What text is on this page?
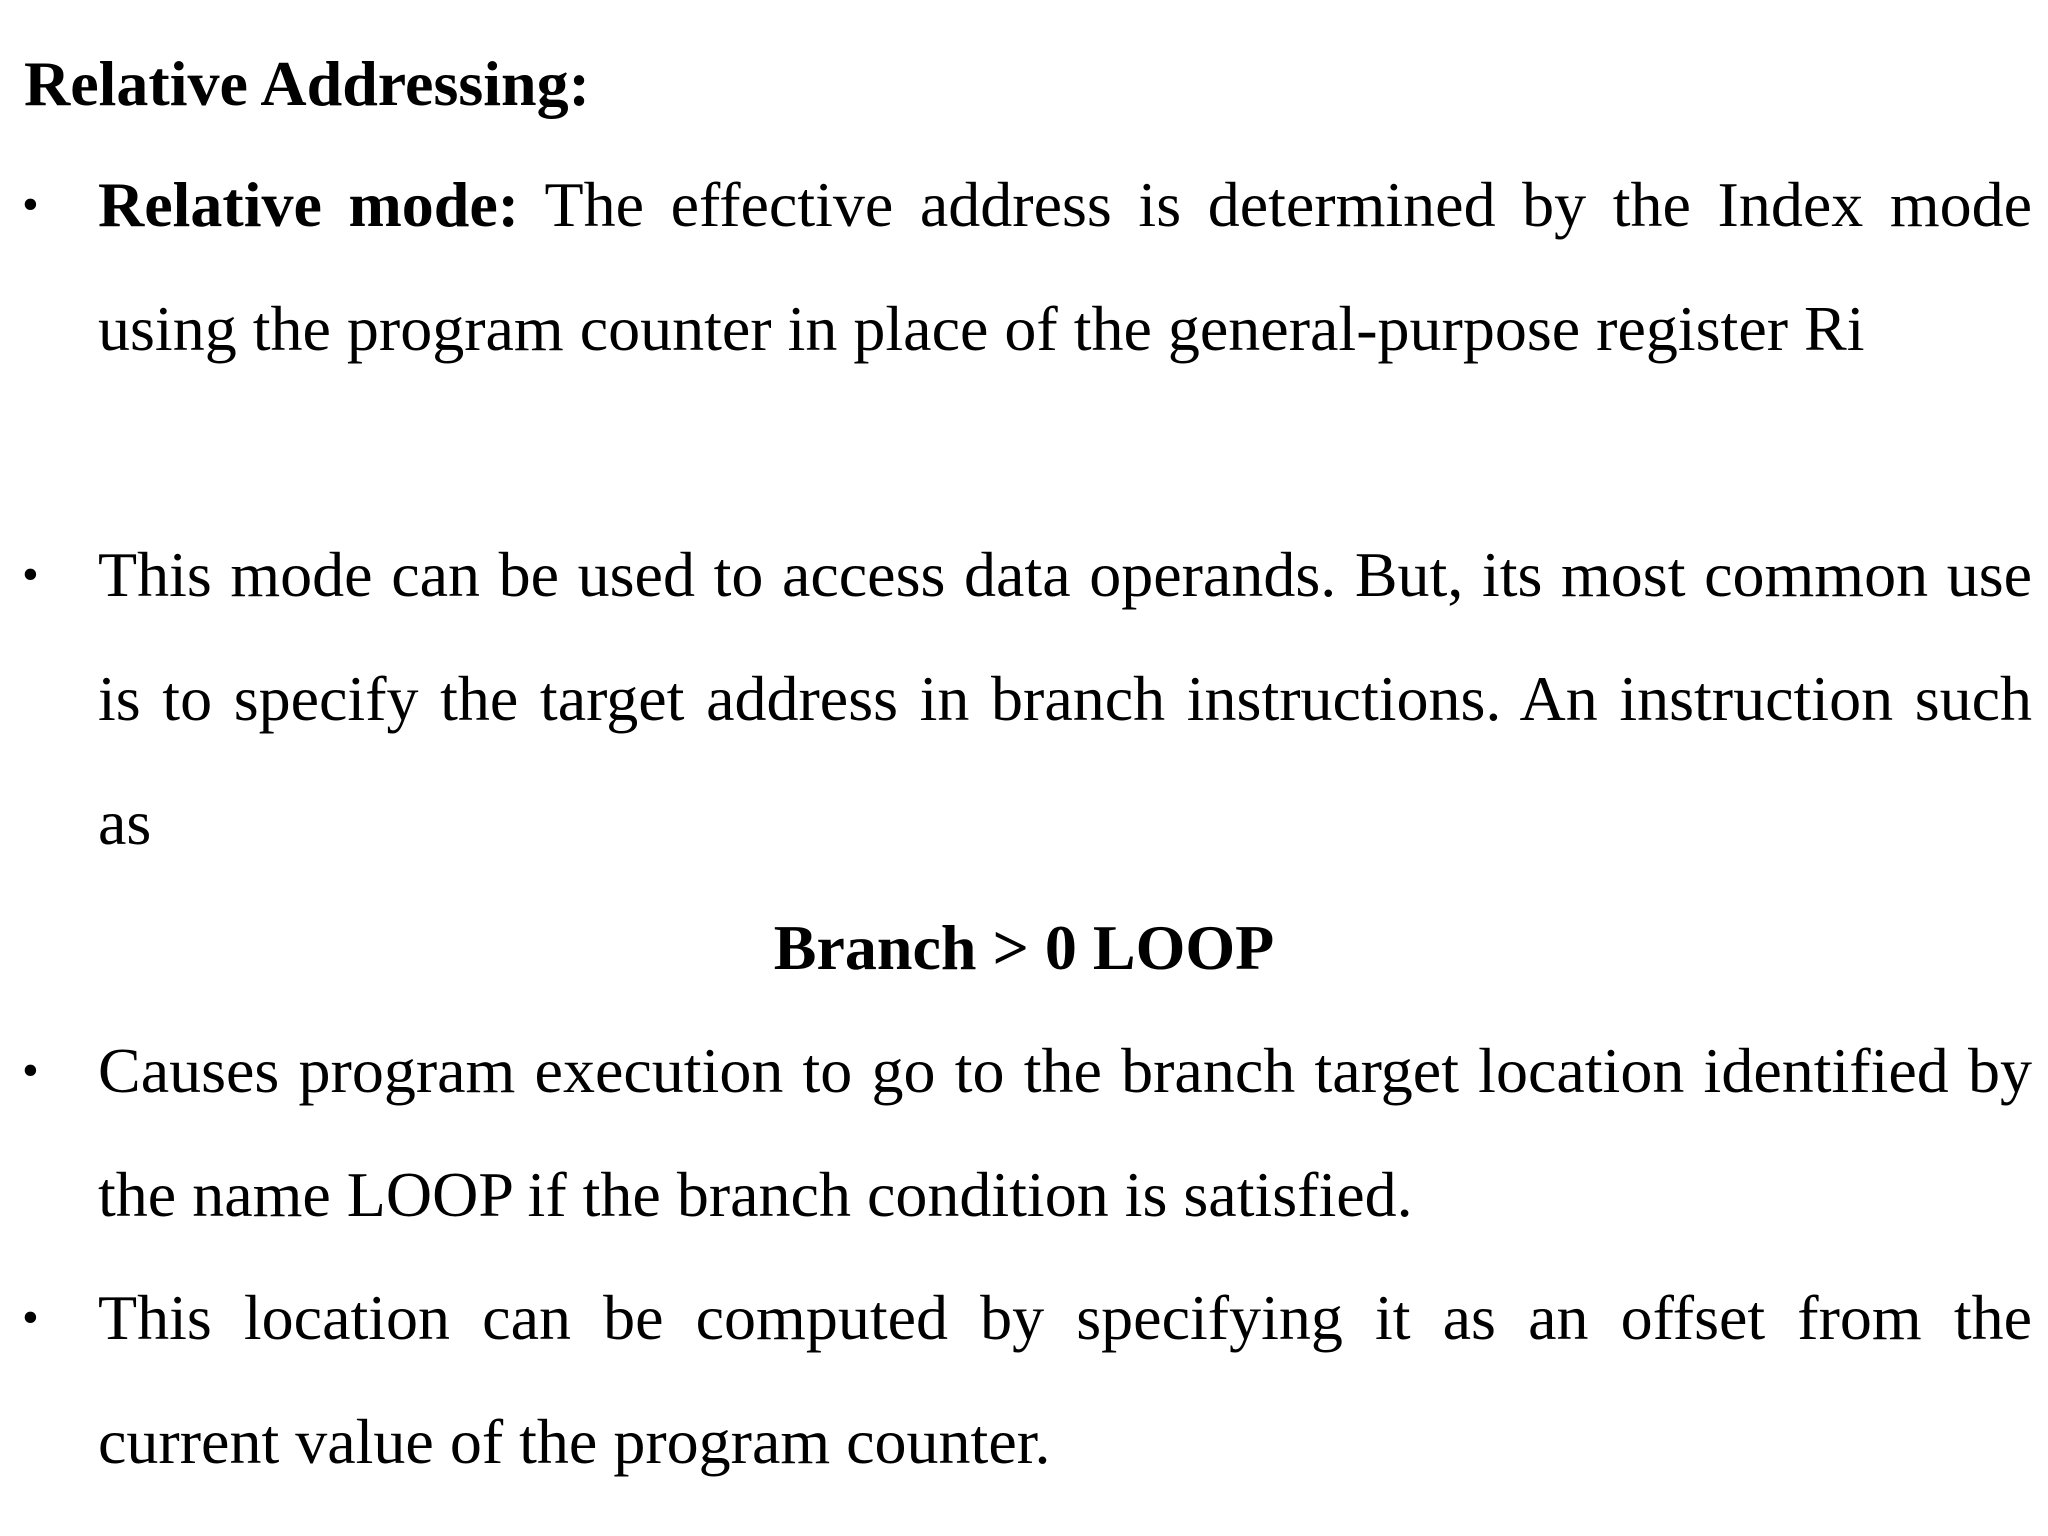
Relative Addressing:
• Relative mode: The effective address is determined by the Index mode using the program counter in place of the general-purpose register Ri
• This mode can be used to access data operands. But, its most common use is to specify the target address in branch instructions. An instruction such as
Branch > 0 LOOP
• Causes program execution to go to the branch target location identified by the name LOOP if the branch condition is satisfied.
• This location can be computed by specifying it as an offset from the current value of the program counter.
